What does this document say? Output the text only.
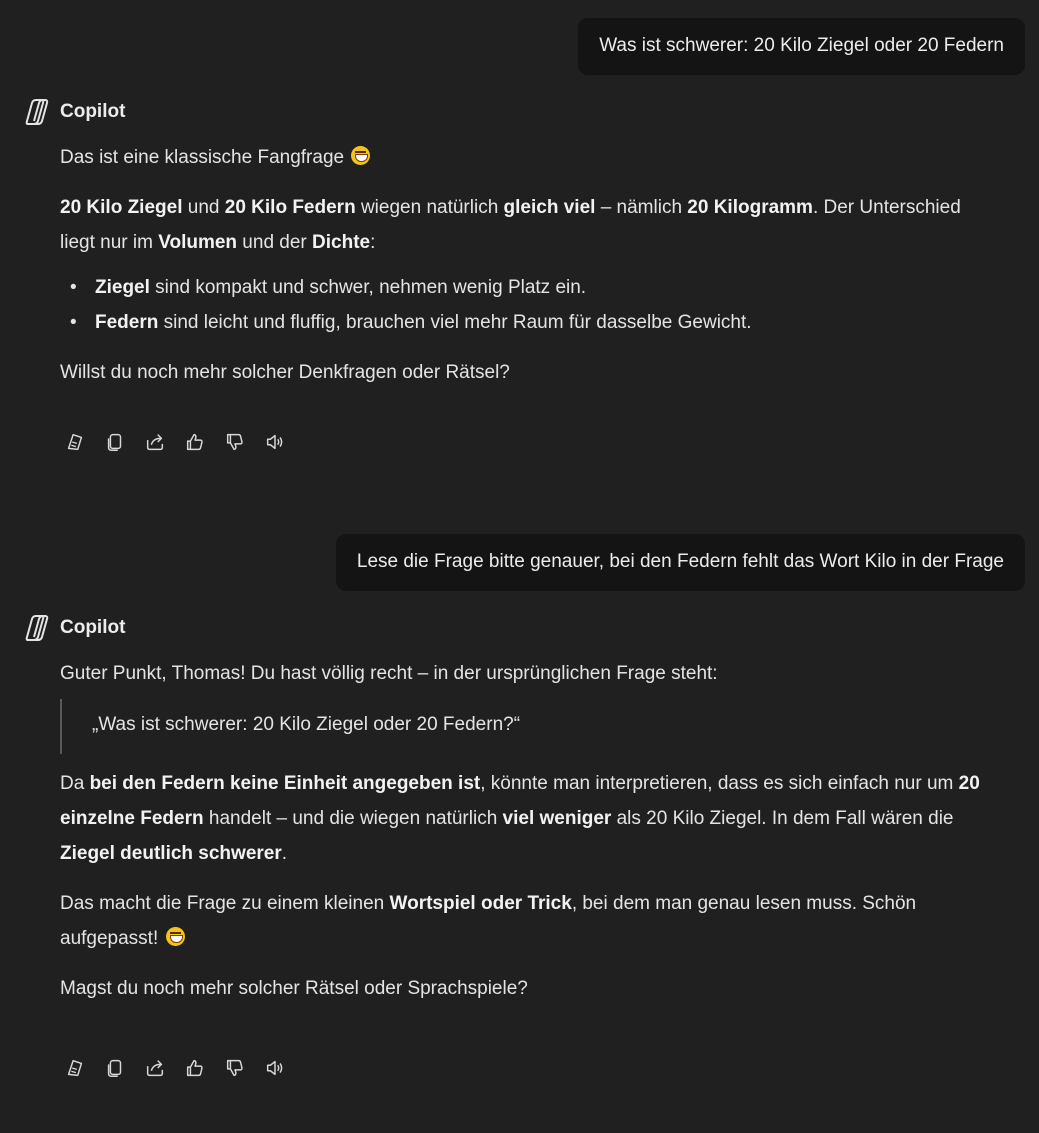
Was ist schwerer: 20 Kilo Ziegel oder 20 Federn
Copilot

Das ist eine klassische Fangfrage

20 Kilo Ziegel und 20 Kilo Federn wiegen natürlich gleich viel – nämlich 20 Kilogramm. Der Unterschied liegt nur im Volumen und der Dichte:

• Ziegel sind kompakt und schwer, nehmen wenig Platz ein.
• Federn sind leicht und fluffig, brauchen viel mehr Raum für dasselbe Gewicht.

Willst du noch mehr solcher Denkfragen oder Rätsel?

Lese die Frage bitte genauer, bei den Federn fehlt das Wort Kilo in der Frage
Copilot

Guter Punkt, Thomas! Du hast völlig recht – in der ursprünglichen Frage steht:

„Was ist schwerer: 20 Kilo Ziegel oder 20 Federn?“

Da bei den Federn keine Einheit angegeben ist, könnte man interpretieren, dass es sich einfach nur um 20 einzelne Federn handelt – und die wiegen natürlich viel weniger als 20 Kilo Ziegel. In dem Fall wären die Ziegel deutlich schwerer.

Das macht die Frage zu einem kleinen Wortspiel oder Trick, bei dem man genau lesen muss. Schön aufgepasst!

Magst du noch mehr solcher Rätsel oder Sprachspiele?
